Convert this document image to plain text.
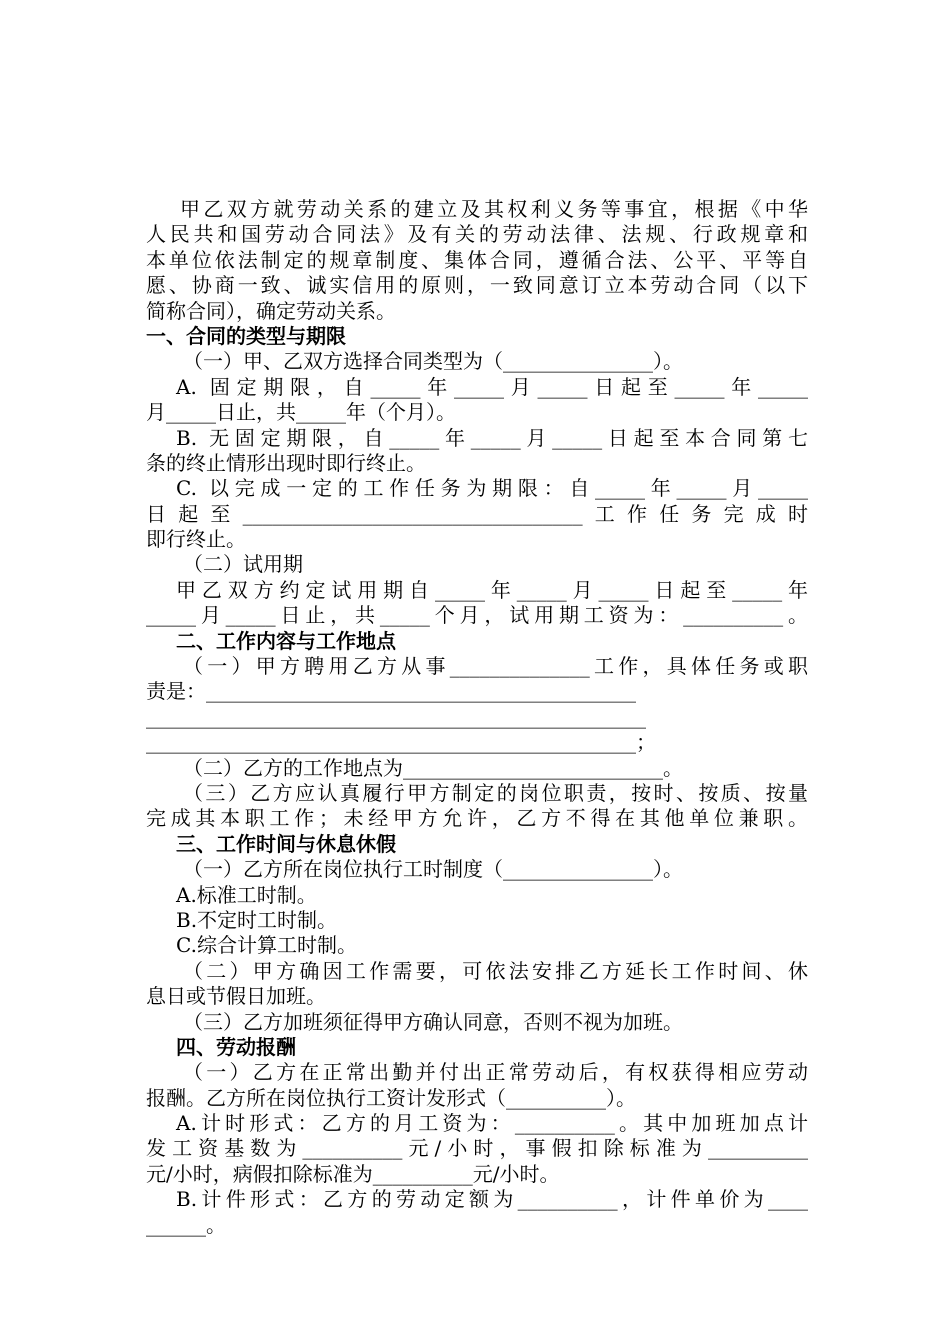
甲乙双方就劳动关系的建立及其权利义务等事宜，根据《中华
人民共和国劳动合同法》及有关的劳动法律、法规、行政规章和
本单位依法制定的规章制度、集体合同，遵循合法、公平、平等自
愿、协商一致、诚实信用的原则，一致同意订立本劳动合同（以下
简称合同），确定劳动关系。
一、合同的类型与期限
（一）甲、乙双方选择合同类型为（_______________）。
A. 固定期限，自_____年_____月_____日起至_____年_____
月_____日止，共_____年（个月）。
B. 无固定期限，自_____年_____月_____日起至本合同第七
条的终止情形出现时即行终止。
C. 以完成一定的工作任务为期限：自_____年_____月_____
日起至__________________________________工作任务完成时
即行终止。
（二）试用期
甲乙双方约定试用期自_____年_____月_____日起至_____年
_____月_____日止，共_____个月，试用期工资为：__________。
二、工作内容与工作地点
（一）甲方聘用乙方从事______________工作，具体任务或职
责是：___________________________________________
__________________________________________________
_________________________________________________；
（二）乙方的工作地点为__________________________。
（三）乙方应认真履行甲方制定的岗位职责，按时、按质、按量
完成其本职工作；未经甲方允许，乙方不得在其他单位兼职。
三、工作时间与休息休假
（一）乙方所在岗位执行工时制度（_______________）。
A.标准工时制。
B.不定时工时制。
C.综合计算工时制。
（二）甲方确因工作需要，可依法安排乙方延长工作时间、休
息日或节假日加班。
（三）乙方加班须征得甲方确认同意，否则不视为加班。
四、劳动报酬
（一）乙方在正常出勤并付出正常劳动后，有权获得相应劳动
报酬。乙方所在岗位执行工资计发形式（__________）。
A.计时形式：乙方的月工资为：__________。其中加班加点计
发工资基数为__________元/小时，事假扣除标准为__________
元/小时，病假扣除标准为__________元/小时。
B.计件形式：乙方的劳动定额为__________，计件单价为____
______。
